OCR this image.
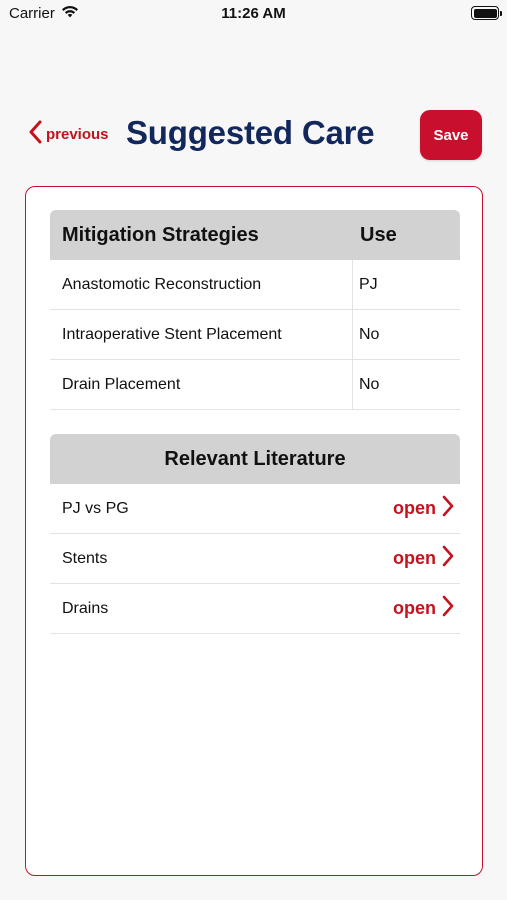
Carrier	11:26 AM
previous Suggested Care	Save
Mitigation Strategies	Use
Anastomotic Reconstruction	PJ
Intraoperative Stent Placement	No
Drain Placement	No
Relevant Literature
PJ vs PG	open
Stents	open
Drains	open
